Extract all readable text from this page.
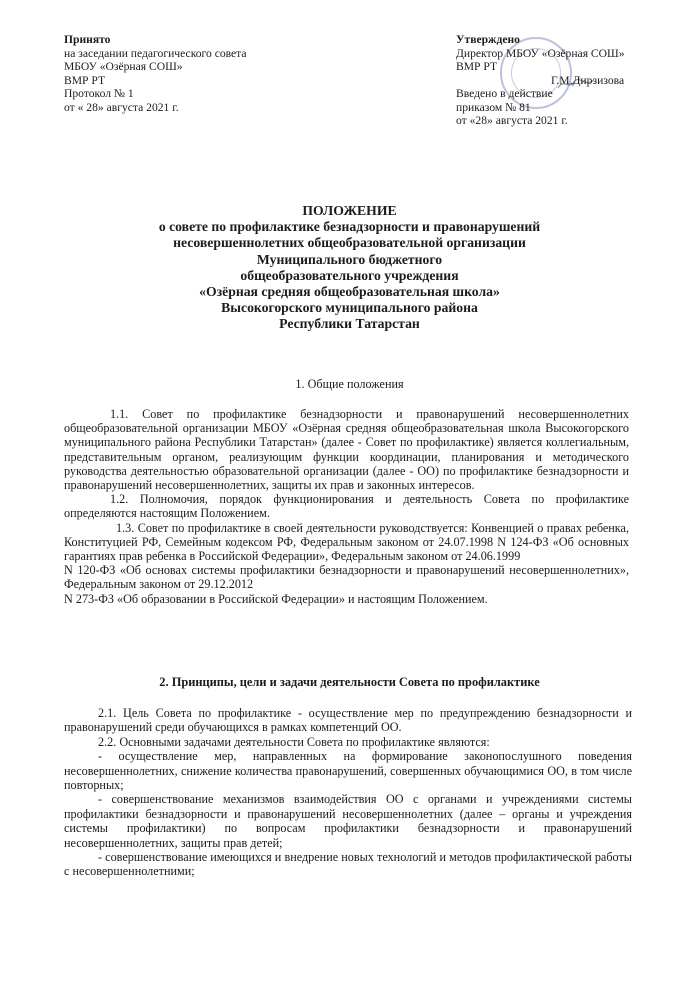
Принято
на заседании педагогического совета
МБОУ «Озёрная СОШ»
ВМР РТ
Протокол № 1
от « 28» августа 2021 г.
Утверждено
Директор МБОУ «Озёрная СОШ»
ВМР РТ
Г.М.Дирзизова
Введено в действие
приказом № 81
от «28» августа 2021 г.
ПОЛОЖЕНИЕ
о совете по профилактике безнадзорности и правонарушений
несовершеннолетних общеобразовательной организации
Муниципального бюджетного
общеобразовательного учреждения
«Озёрная средняя общеобразовательная школа»
Высокогорского муниципального района
Республики Татарстан
1. Общие положения

1.1. Совет по профилактике безнадзорности и правонарушений несовершеннолетних общеобразовательной организации МБОУ «Озёрная средняя общеобразовательная школа Высокогорского муниципального района Республики Татарстан» (далее - Совет по профилактике) является коллегиальным, представительным органом, реализующим функции координации, планирования и методического руководства деятельностью образовательной организации (далее - ОО) по профилактике безнадзорности и правонарушений несовершеннолетних, защиты их прав и законных интересов.

1.2. Полномочия, порядок функционирования и деятельность Совета по профилактике определяются настоящим Положением.

1.3. Совет по профилактике в своей деятельности руководствуется: Конвенцией о правах ребенка, Конституцией РФ, Семейным кодексом РФ, Федеральным законом от 24.07.1998 N 124-ФЗ «Об основных гарантиях прав ребенка в Российской Федерации», Федеральным законом от 24.06.1999

N 120-ФЗ «Об основах системы профилактики безнадзорности и правонарушений несовершеннолетних», Федеральным законом от 29.12.2012

N 273-ФЗ «Об образовании в Российской Федерации» и настоящим Положением.

2. Принципы, цели и задачи деятельности Совета по профилактике

2.1. Цель Совета по профилактике - осуществление мер по предупреждению безнадзорности и правонарушений среди обучающихся в рамках компетенций ОО.

2.2. Основными задачами деятельности Совета по профилактике являются:

- осуществление мер, направленных на формирование законопослушного поведения несовершеннолетних, снижение количества правонарушений, совершенных обучающимися ОО, в том числе повторных;

- совершенствование механизмов взаимодействия ОО с органами и учреждениями системы профилактики безнадзорности и правонарушений несовершеннолетних (далее – органы и учреждения системы профилактики) по вопросам профилактики безнадзорности и правонарушений несовершеннолетних, защиты прав детей;

- совершенствование имеющихся и внедрение новых технологий и методов профилактической работы с несовершеннолетними;
